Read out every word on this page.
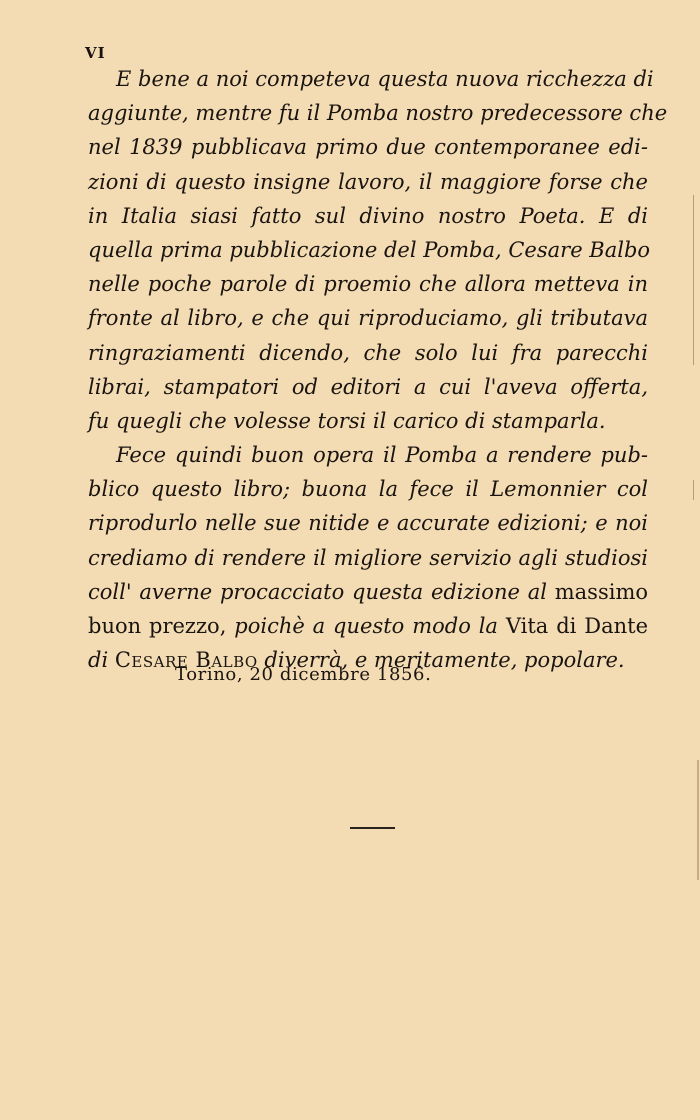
VI
E bene a noi competeva questa nuova ricchezza di
aggiunte, mentre fu il Pomba nostro predecessore che
nel 1839 pubblicava primo due contemporanee edi-
zioni di questo insigne lavoro, il maggiore forse che
in Italia siasi fatto sul divino nostro Poeta. E di
quella prima pubblicazione del Pomba, Cesare Balbo
nelle poche parole di proemio che allora metteva in
fronte al libro, e che qui riproduciamo, gli tributava
ringraziamenti dicendo, che solo lui fra parecchi
librai, stampatori od editori a cui l'aveva offerta,
fu quegli che volesse torsi il carico di stamparla.
Fece quindi buon opera il Pomba a rendere pub-
blico questo libro; buona la fece il Lemonnier col
riprodurlo nelle sue nitide e accurate edizioni; e noi
crediamo di rendere il migliore servizio agli studiosi
coll' averne procacciato questa edizione al massimo
buon prezzo, poichè a questo modo la Vita di Dante
di Cesare Balbo diverrà, e meritamente, popolare.
Torino, 20 dicembre 1856.
